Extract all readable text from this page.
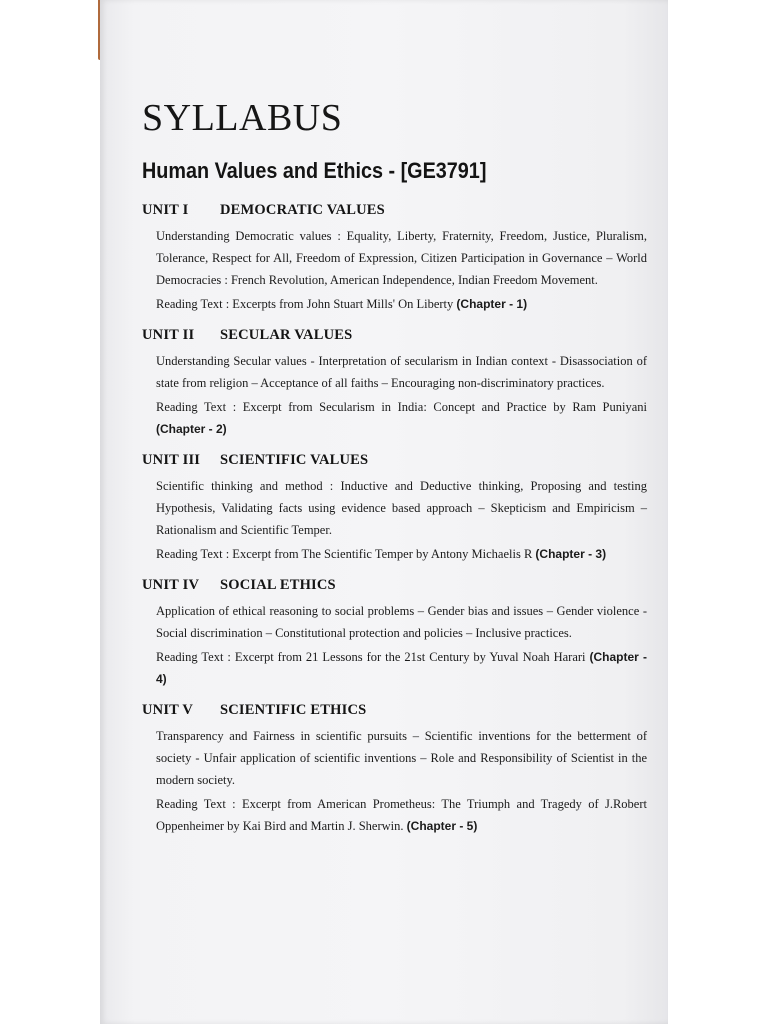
SYLLABUS
Human Values and Ethics - [GE3791]
UNIT I	DEMOCRATIC VALUES

Understanding Democratic values : Equality, Liberty, Fraternity, Freedom, Justice, Pluralism, Tolerance, Respect for All, Freedom of Expression, Citizen Participation in Governance – World Democracies : French Revolution, American Independence, Indian Freedom Movement.

Reading Text : Excerpts from John Stuart Mills' On Liberty (Chapter - 1)

UNIT II	SECULAR VALUES

Understanding Secular values - Interpretation of secularism in Indian context - Disassociation of state from religion – Acceptance of all faiths – Encouraging non-discriminatory practices.

Reading Text : Excerpt from Secularism in India: Concept and Practice by Ram Puniyani (Chapter - 2)

UNIT III	SCIENTIFIC VALUES

Scientific thinking and method : Inductive and Deductive thinking, Proposing and testing Hypothesis, Validating facts using evidence based approach – Skepticism and Empiricism – Rationalism and Scientific Temper.

Reading Text : Excerpt from The Scientific Temper by Antony Michaelis R (Chapter - 3)

UNIT IV	SOCIAL ETHICS

Application of ethical reasoning to social problems – Gender bias and issues – Gender violence - Social discrimination – Constitutional protection and policies – Inclusive practices.

Reading Text : Excerpt from 21 Lessons for the 21st Century by Yuval Noah Harari (Chapter - 4)

UNIT V	SCIENTIFIC ETHICS

Transparency and Fairness in scientific pursuits – Scientific inventions for the betterment of society - Unfair application of scientific inventions – Role and Responsibility of Scientist in the modern society.

Reading Text : Excerpt from American Prometheus: The Triumph and Tragedy of J.Robert Oppenheimer by Kai Bird and Martin J. Sherwin. (Chapter - 5)
